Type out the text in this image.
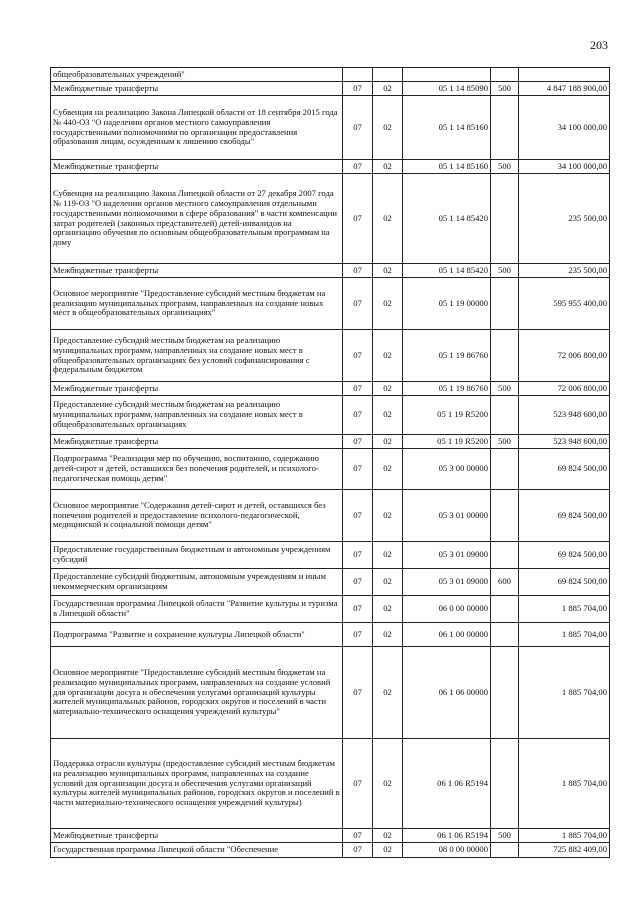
203
общеобразовательных учреждений"					
Межбюджетные трансферты	07	02	05 1 14 85090	500	4 847 188 900,00
Субвенция на реализацию Закона Липецкой области от 18 сентября 2015 года № 440-ОЗ "О наделении органов местного самоуправления государственными полномочиями по организации предоставления образования лицам, осужденным к лишению свободы"	07	02	05 1 14 85160		34 100 000,00
Межбюджетные трансферты	07	02	05 1 14 85160	500	34 100 000,00
Субвенция на реализацию Закона Липецкой области от 27 декабря 2007 года № 119-ОЗ "О наделении органов местного самоуправления отдельными государственными полномочиями в сфере образования" в части компенсации затрат родителей (законных представителей) детей-инвалидов на организацию обучения по основным общеобразовательным программам на дому	07	02	05 1 14 85420		235 500,00
Межбюджетные трансферты	07	02	05 1 14 85420	500	235 500,00
Основное мероприятие "Предоставление субсидий местным бюджетам на реализацию муниципальных программ, направленных на создание новых мест в общеобразовательных организациях"	07	02	05 1 19 00000		595 955 400,00
Предоставление субсидий местным бюджетам на реализацию муниципальных программ, направленных на создание новых мест в общеобразовательных организациях без условий софинансирования с федеральным бюджетом	07	02	05 1 19 86760		72 006 800,00
Межбюджетные трансферты	07	02	05 1 19 86760	500	72 006 800,00
Предоставление субсидий местным бюджетам на реализацию муниципальных программ, направленных на создание новых мест в общеобразовательных организациях	07	02	05 1 19 R5200		523 948 600,00
Межбюджетные трансферты	07	02	05 1 19 R5200	500	523 948 600,00
Подпрограмма "Реализация мер по обучению, воспитанию, содержанию детей-сирот и детей, оставшихся без попечения родителей, и психолого-педагогическая помощь детям"	07	02	05 3 00 00000		69 824 500,00
Основное мероприятие "Содержания детей-сирот и детей, оставшихся без попечения родителей и предоставление психолого-педагогической, медицинской и социальной помощи детям"	07	02	05 3 01 00000		69 824 500,00
Предоставление государственным бюджетным и автономным учреждениям субсидий	07	02	05 3 01 09000		69 824 500,00
Предоставление субсидий бюджетным, автономным учреждениям и иным некоммерческим организациям	07	02	05 3 01 09000	600	69 824 500,00
Государственная программа Липецкой области "Развитие культуры и туризма в Липецкой области"	07	02	06 0 00 00000		1 885 704,00
Подпрограмма "Развитие и сохранение культуры Липецкой области"	07	02	06 1 00 00000		1 885 704,00
Основное мероприятие "Предоставление субсидий местным бюджетам на реализацию муниципальных программ, направленных на создание условий для организации досуга и обеспечения услугами организаций культуры жителей муниципальных районов, городских округов и поселений в части материально-технического оснащения учреждений культуры"	07	02	06 1 06 00000		1 885 704,00
Поддержка отрасли культуры (предоставление субсидий местным бюджетам на реализацию муниципальных программ, направленных на создание условий для организации досуга и обеспечения услугами организаций культуры жителей муниципальных районов, городских округов и поселений в части материально-технического оснащения учреждений культуры)	07	02	06 1 06 R5194		1 885 704,00
Межбюджетные трансферты	07	02	06 1 06 R5194	500	1 885 704,00
Государственная программа Липецкой области "Обеспечение	07	02	08 0 00 00000		725 882 409,00
